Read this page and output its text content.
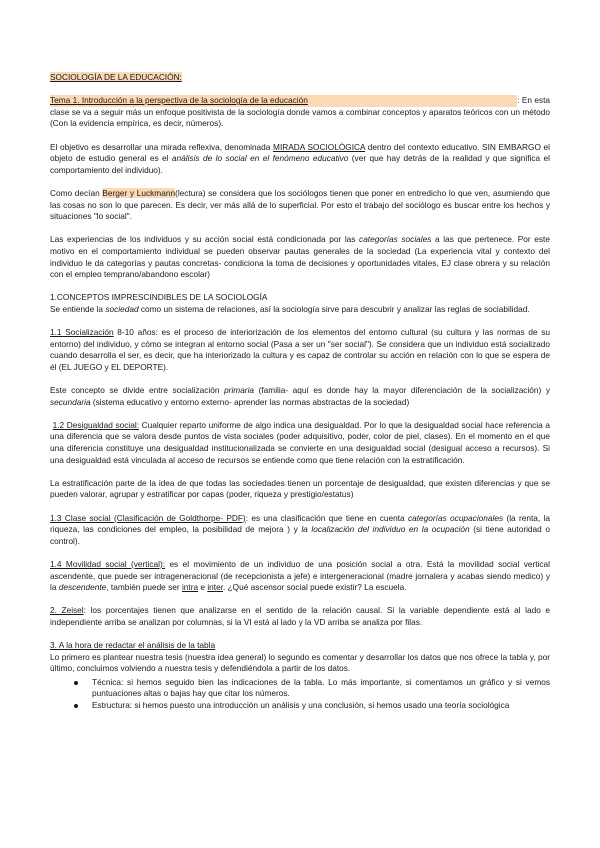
SOCIOLOGÍA DE LA EDUCACIÓN:

Tema 1. Introducción a la perspectiva de la sociología de la educación	: En esta

clase se va a seguir más un enfoque positivista de la sociología donde vamos a combinar conceptos y aparatos teóricos con un método (Con la evidencia empírica, es decir, números).

El objetivo es desarrollar una mirada reflexiva, denominada MIRADA SOCIOLÓGICA dentro del contexto educativo. SIN EMBARGO el objeto de estudio general es el análisis de lo social en el fenómeno educativo (ver que hay detrás de la realidad y que significa el comportamiento del individuo).

Como decían Berger y Luckmann(lectura) se considera que los sociólogos tienen que poner en entredicho lo que ven, asumiendo que las cosas no son lo que parecen. Es decir, ver más allá de lo superficial. Por esto el trabajo del sociólogo es buscar entre los hechos y situaciones "lo social".

Las experiencias de los individuos y su acción social está condicionada por las categorías sociales a las que pertenece. Por este motivo en el comportamiento individual se pueden observar pautas generales de la sociedad (La experiencia vital y contexto del individuo le da categorías y pautas concretas- condiciona la toma de decisiones y oportunidades vitales, EJ clase obrera y su relación con el empleo temprano/abandono escolar)

1.CONCEPTOS IMPRESCINDIBLES DE LA SOCIOLOGÍA
Se entiende la sociedad como un sistema de relaciones, así la sociología sirve para descubrir y analizar las reglas de sociabilidad.

1.1 Socialización 8-10 años: es el proceso de interiorización de los elementos del entorno cultural (su cultura y las normas de su entorno) del individuo, y cómo se integran al entorno social (Pasa a ser un "ser social"). Se considera que un individuo está socializado cuando desarrolla el ser, es decir, que ha interiorizado la cultura y es capaz de controlar su acción en relación con lo que se espera de él (EL JUEGO y EL DEPORTE).

Este concepto se divide entre socialización primaria (familia- aquí es donde hay la mayor diferenciación de la socialización) y secundaria (sistema educativo y entorno externo- aprender las normas abstractas de la sociedad)

1.2 Desigualdad social: Cualquier reparto uniforme de algo indica una desigualdad. Por lo que la desigualdad social hace referencia a una diferencia que se valora desde puntos de vista sociales (poder adquisitivo, poder, color de piel, clases). En el momento en el que una diferencia constituye una desigualdad institucionalizada se convierte en una desigualdad social (desigual acceso a recursos). Si una desigualdad está vinculada al acceso de recursos se entiende como que tiene relación con la estratificación.

La estratificación parte de la idea de que todas las sociedades tienen un porcentaje de desigualdad, que existen diferencias y que se pueden valorar, agrupar y estratificar por capas (poder, riqueza y prestigio/estatus)

1.3 Clase social (Clasificación de Goldthorpe- PDF): es una clasificación que tiene en cuenta categorías ocupacionales (la renta, la riqueza, las condiciones del empleo, la posibilidad de mejora ) y la localización del individuo en la ocupación (si tiene autoridad o control).

1.4 Movilidad social (vertical): es el movimiento de un individuo de una posición social a otra. Está la movilidad social vertical ascendente, que puede ser intrageneracional (de recepcionista a jefe) e intergeneracional (madre jornalera y acabas siendo medico) y la descendente, también puede ser intra e inter. ¿Qué ascensor social puede existir? La escuela.

2. Zeisel: los porcentajes tienen que analizarse en el sentido de la relación causal. Si la variable dependiente está al lado e independiente arriba se analizan por columnas, si la VI está al lado y la VD arriba se analiza por filas.

3. A la hora de redactar el análisis de la tabla

Lo primero es plantear nuestra tesis (nuestra idea general) lo segundo es comentar y desarrollar los datos que nos ofrece la tabla y, por último, concluimos volviendo a nuestra tesis y defendiéndola a partir de los datos.

Técnica: si hemos seguido bien las indicaciones de la tabla. Lo más importante, si comentamos un gráfico y si vemos puntuaciones altas o bajas hay que citar los números.
Estructura: si hemos puesto una introducción un análisis y una conclusión, si hemos usado una teoría sociológica
